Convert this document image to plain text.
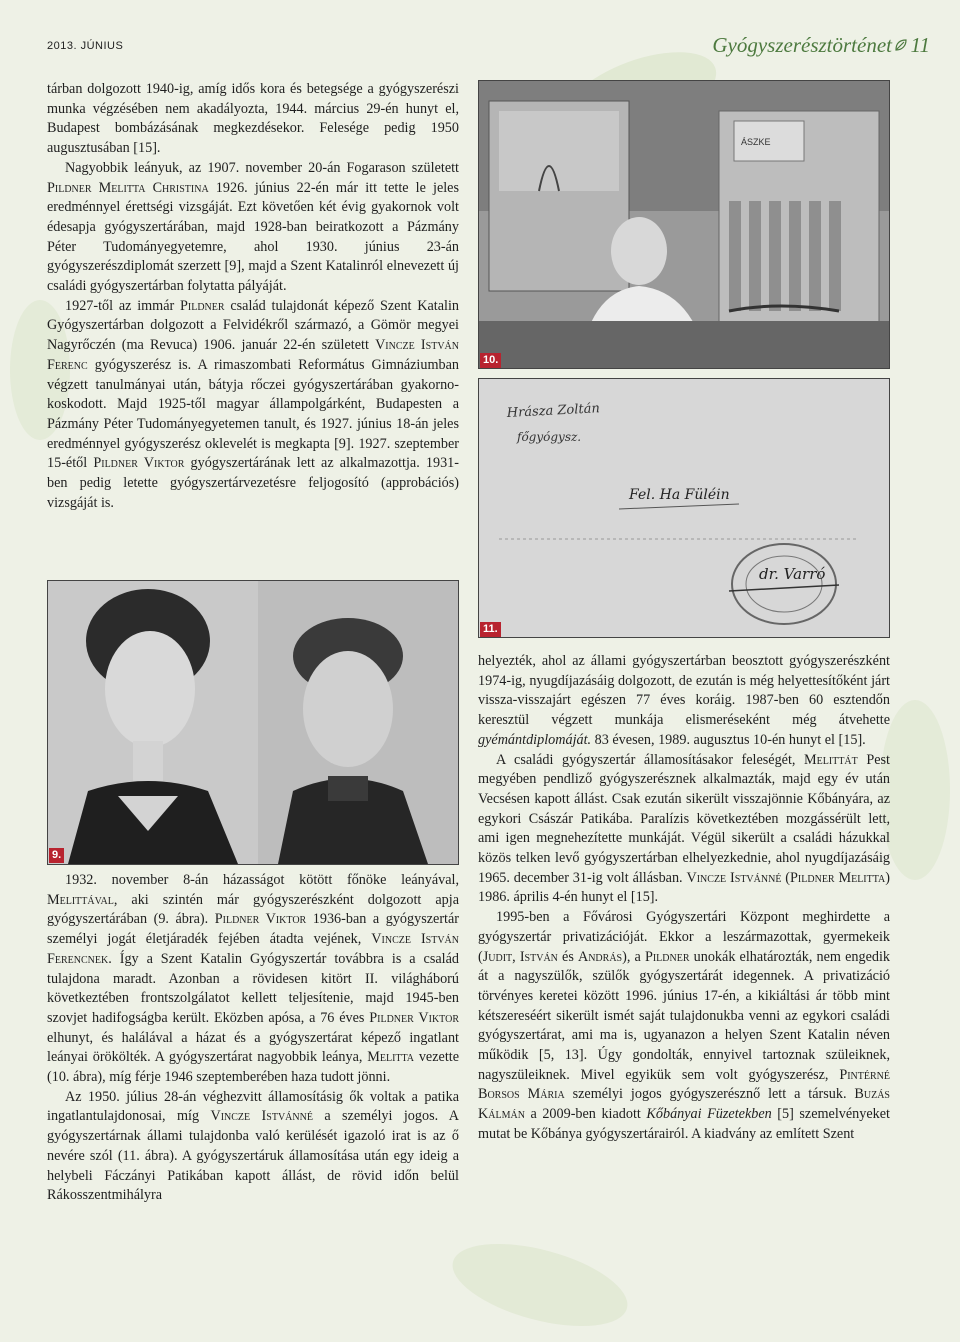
2013. JÚNIUS	Gyógyszerésztörténet 11

tárban dolgozott 1940-ig, amíg idős kora és betegsége a gyógyszerészi munka végzésében nem akadályozta, 1944. március 29-én hunyt el, Budapest bombázásának megkezdésekor. Felesége pedig 1950 augusztusában [15].

Nagyobbik leányuk, az 1907. november 20-án Fogarason született Pildner Melitta Christina 1926. június 22-én már itt tette le jeles eredménnyel érettségi vizsgáját. Ezt követően két évig gyakornok volt édesapja gyógyszertárában, majd 1928-ban beiratkozott a Pázmány Péter Tudományegyetemre, ahol 1930. június 23-án gyógyszerészdiplomát szerzett [9], majd a Szent Katalinról elnevezett új családi gyógyszertárban folytatta pályáját.

1927-től az immár Pildner család tulajdonát képező Szent Katalin Gyógyszertárban dolgozott a Felvidékről származó, a Gömör megyei Nagyrőczén (ma Revuca) 1906. január 22-én született Vincze István Ferenc gyógyszerész is. A rimaszombati Református Gimnáziumban végzett tanulmányai után, bátyja rőczei gyógyszertárában gyakornokoskodott. Majd 1925-től magyar állampolgárként, Budapesten a Pázmány Péter Tudományegyetemen tanult, és 1927. június 18-án jeles eredménnyel gyógyszerész oklevelét is megkapta [9]. 1927. szeptember 15-étől Pildner Viktor gyógyszertárának lett az alkalmazottja. 1931-ben pedig letette gyógyszertárvezetésre feljogosító (approbációs) vizsgáját is.

ÁSZKE
10.
Hrásza Zoltán
főgyógysz.
Fel. Ha Füléin
dr. Varró
11.
9.

1932. november 8-án házasságot kötött főnöke leányával, Melittával, aki szintén már gyógyszerészként dolgozott apja gyógyszertárában (9. ábra). Pildner Viktor 1936-ban a gyógyszertár személyi jogát életjáradék fejében átadta vejének, Vincze István Ferencnek. Így a Szent Katalin Gyógyszertár továbbra is a család tulajdona maradt. Azonban a rövidesen kitört II. világháború következtében frontszolgálatot kellett teljesítenie, majd 1945-ben szovjet hadifogságba került. Eközben apósa, a 76 éves Pildner Viktor elhunyt, és halálával a házat és a gyógyszertárat képező ingatlant leányai örökölték. A gyógyszertárat nagyobbik leánya, Melitta vezette (10. ábra), míg férje 1946 szeptemberében haza tudott jönni.

Az 1950. július 28-án véghezvitt államosításig ők voltak a patika ingatlantulajdonosai, míg Vincze Istvánné a személyi jogos. A gyógyszertárnak állami tulajdonba való kerülését igazoló irat is az ő nevére szól (11. ábra). A gyógyszertáruk államosítása után egy ideig a helybeli Fáczányi Patikában kapott állást, de rövid időn belül Rákosszentmihályra

helyezték, ahol az állami gyógyszertárban beosztott gyógyszerészként 1974-ig, nyugdíjazásáig dolgozott, de ezután is még helyettesítőként járt vissza-visszajárt egészen 77 éves koráig. 1987-ben 60 esztendőn keresztül végzett munkája elismeréseként még átvehette gyémántdiplomáját. 83 évesen, 1989. augusztus 10-én hunyt el [15].

A családi gyógyszertár államosításakor feleségét, Melittát Pest megyében pendliző gyógyszerésznek alkalmazták, majd egy év után Vecsésen kapott állást. Csak ezután sikerült visszajönnie Kőbányára, az egykori Császár Patikába. Paralízis következtében mozgássérült lett, ami igen megnehezítette munkáját. Végül sikerült a családi házukkal közös telken levő gyógyszertárban elhelyezkednie, ahol nyugdíjazásáig 1965. december 31-ig volt állásban. Vincze Istvánné (Pildner Melitta) 1986. április 4-én hunyt el [15].

1995-ben a Fővárosi Gyógyszertári Központ meghirdette a gyógyszertár privatizációját. Ekkor a leszármazottak, gyermekeik (Judit, István és András), a Pildner unokák elhatározták, nem engedik át a nagyszülők, szülők gyógyszertárát idegennek. A privatizáció törvényes keretei között 1996. június 17-én, a kikiáltási ár több mint kétszereséért sikerült ismét saját tulajdonukba venni az egykori családi gyógyszertárat, ami ma is, ugyanazon a helyen Szent Katalin néven működik [5, 13]. Úgy gondolták, ennyivel tartoznak szüleiknek, nagyszüleiknek. Mivel egyikük sem volt gyógyszerész, Pintérné Borsos Mária személyi jogos gyógyszerésznő lett a társuk. Buzás Kálmán a 2009-ben kiadott Kőbányai Füzetekben [5] szemelvényeket mutat be Kőbánya gyógyszertárairól. A kiadvány az említett Szent
